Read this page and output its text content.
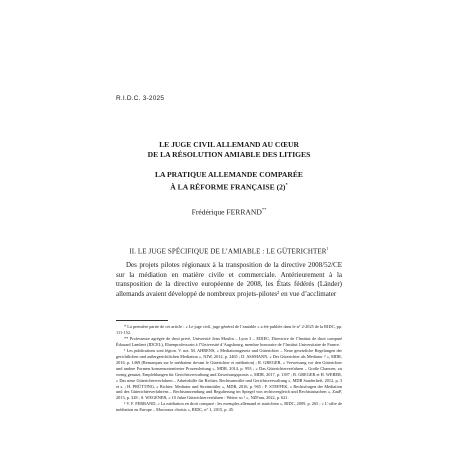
R.I.D.C. 3-2025
LE JUGE CIVIL ALLEMAND AU CŒUR
DE LA RÉSOLUTION AMIABLE DES LITIGES
LA PRATIQUE ALLEMANDE COMPARÉE
À LA RÉFORME FRANÇAISE (2)*
Frédérique FERRAND**
II. LE JUGE SPÉCIFIQUE DE L’AMIABLE : LE GÜTERICHTER$^1$

Des projets pilotes régionaux à la transposition de la directive 2008/52/CE sur la médiation en matière civile et commerciale. Antérieurement à la transposition de la directive européenne de 2008, les États fédérés (Länder) allemands avaient développé de nombreux projets-pilotes² en vue d’acclimater

* La première partie de cet article : « Le juge civil, juge général de l’amiable » a été publiée dans le n° 2-2025 de la RIDC, pp. 111-152.

** Professeure agrégée de droit privé, Université Jean Moulin – Lyon 3 – EDIEC, Directrice de l’Institut de droit comparé Édouard Lambert (IDCEL), Ehrenprofessorin à l’Université d’Augsbourg, membre honoraire de l’Institut Universitaire de France.

¹ Les publications sont légion. V. not. M. AHRENS, « Mediationsgesetz und Güterichter – Neue gesetzliche Regelungen der gerichtlichen und außergerichtlichen Mediation », NJW, 2012, p. 2465 ; D. ASSMANN, « Der Güterichter als Mediator ? », MDR, 2016, p. 1469 (Remarques sur le médiateur devant le Güterichter et médiation) ; R. GREGER, « Verweisung vor den Güterichter und andere Formen konsensorientierter Prozessleitung », MDR, 2014, p. 993 ; « Das Güterichterverfahren – Große Chancen, zu wenig genutzt, Empfehlungen für Gerichtsverwaltung und Zuweisungspraxis », MDR, 2017, p. 1397 ; R. GREGER et H. WEBER, « Das neue Güterichterverfahren – Arbeitshilfe für Richter, Rechtsanwälte und Gerichtsverwaltung », MDR Sonderheft, 2012, p. 3 et s. ; H. PRÜTTING, « Richter, Mediator und Streitmittler », MDR, 2016, p. 965 ; F. STEFFEK, « Rechtsfragen der Mediation und des Güterichterverfahrens – Rechtsanwendung und Regulierung im Spiegel von rechtsvergleich und Rechtstatsachen », ZauP, 2013, p. 328 ; S. WEGENER, « 10 Jahre Güterichterverfahren : Weiter so ! », NZFam, 2022, p. 621.

² V. F. FERRAND, « La médiation en droit comparé : les exemples allemand et autrichien », RIDC, 2009, p. 265 ; « L’offre de médiation en Europe – Morceaux choisis », RIDC, n° 1, 2015, p. 45.
